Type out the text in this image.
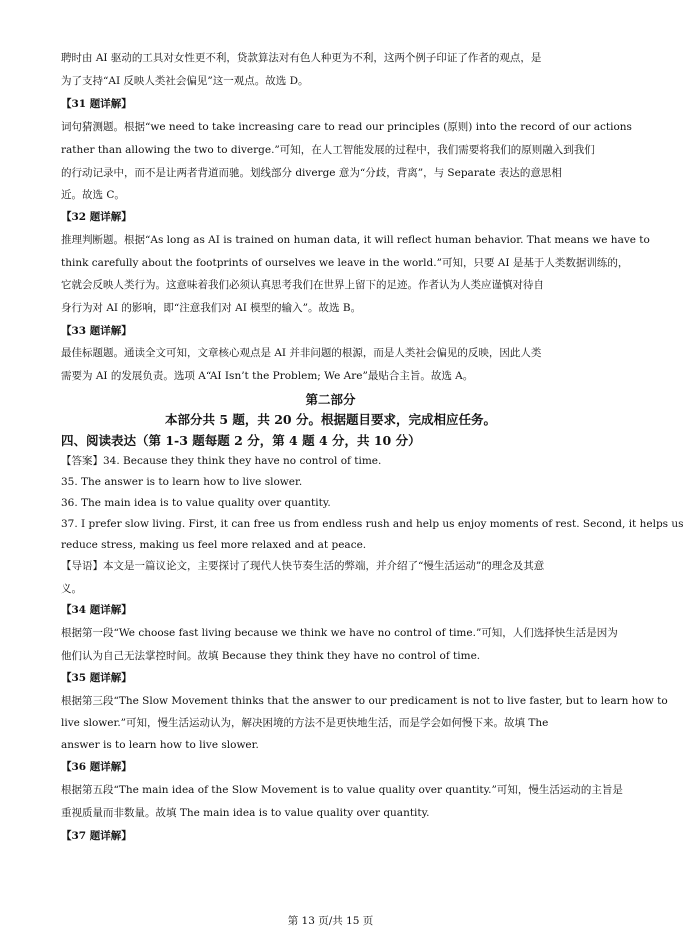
聘时由 AI 驱动的工具对女性更不利，贷款算法对有色人种更为不利，这两个例子印证了作者的观点，是
为了支持“AI 反映人类社会偏见”这一观点。故选 D。
【31 题详解】
词句猜测题。根据“we need to take increasing care to read our principles (原则) into the record of our actions
rather than allowing the two to diverge.”可知，在人工智能发展的过程中，我们需要将我们的原则融入到我们
的行动记录中，而不是让两者背道而驰。划线部分 diverge 意为“分歧，背离”，与 Separate 表达的意思相
近。故选 C。
【32 题详解】
推理判断题。根据“As long as AI is trained on human data, it will reflect human behavior. That means we have to
think carefully about the footprints of ourselves we leave in the world.”可知，只要 AI 是基于人类数据训练的，
它就会反映人类行为。这意味着我们必须认真思考我们在世界上留下的足迹。作者认为人类应谨慎对待自
身行为对 AI 的影响，即“注意我们对 AI 模型的输入”。故选 B。
【33 题详解】
最佳标题题。通读全文可知，文章核心观点是 AI 并非问题的根源，而是人类社会偏见的反映，因此人类
需要为 AI 的发展负责。选项 A“AI Isn’t the Problem; We Are”最贴合主旨。故选 A。
第二部分
本部分共 5 题，共 20 分。根据题目要求，完成相应任务。
四、阅读表达（第 1-3 题每题 2 分，第 4 题 4 分，共 10 分）
【答案】34. Because they think they have no control of time.
35. The answer is to learn how to live slower.
36. The main idea is to value quality over quantity.
37. I prefer slow living. First, it can free us from endless rush and help us enjoy moments of rest. Second, it helps us
reduce stress, making us feel more relaxed and at peace.
【导语】本文是一篇议论文，主要探讨了现代人快节奏生活的弊端，并介绍了“慢生活运动”的理念及其意
义。
【34 题详解】
根据第一段“We choose fast living because we think we have no control of time.”可知，人们选择快生活是因为
他们认为自己无法掌控时间。故填 Because they think they have no control of time.
【35 题详解】
根据第三段“The Slow Movement thinks that the answer to our predicament is not to live faster, but to learn how to
live slower.”可知，慢生活运动认为，解决困境的方法不是更快地生活，而是学会如何慢下来。故填 The
answer is to learn how to live slower.
【36 题详解】
根据第五段“The main idea of the Slow Movement is to value quality over quantity.”可知，慢生活运动的主旨是
重视质量而非数量。故填 The main idea is to value quality over quantity.
【37 题详解】
第 13 页/共 15 页
